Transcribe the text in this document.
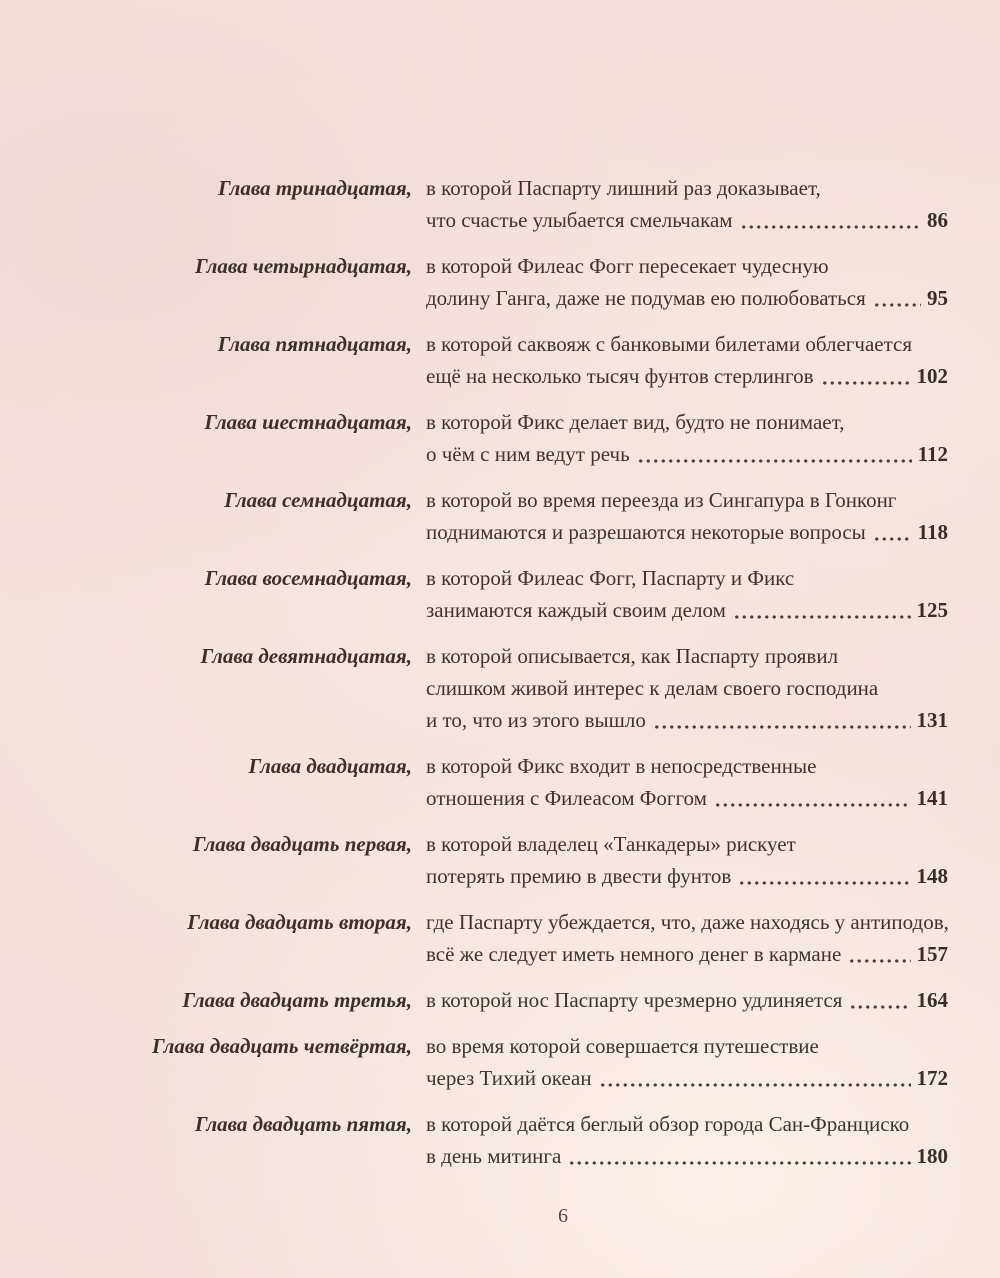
Глава тринадцатая, в которой Паспарту лишний раз доказывает,
что счастье улыбается смельчакам	86
Глава четырнадцатая, в которой Филеас Фогг пересекает чудесную
долину Ганга, даже не подумав ею полюбоваться	95
Глава пятнадцатая, в которой саквояж с банковыми билетами облегчается
ещё на несколько тысяч фунтов стерлингов	102
Глава шестнадцатая, в которой Фикс делает вид, будто не понимает,
о чём с ним ведут речь	112
Глава семнадцатая, в которой во время переезда из Сингапура в Гонконг
поднимаются и разрешаются некоторые вопросы 118
Глава восемнадцатая, в которой Филеас Фогг, Паспарту и Фикс
занимаются каждый своим делом	125
Глава девятнадцатая, в которой описывается, как Паспарту проявил
слишком живой интерес к делам своего господина
и то, что из этого вышло	131
Глава двадцатая, в которой Фикс входит в непосредственные
отношения с Филеасом Фоггом	141
Глава двадцать первая, в которой владелец «Танкадеры» рискует
потерять премию в двести фунтов	148
Глава двадцать вторая, где Паспарту убеждается, что, даже находясь у антиподов,
всё же следует иметь немного денег в кармане	157
Глава двадцать третья, в которой нос Паспарту чрезмерно удлиняется	164
Глава двадцать четвёртая, во время которой совершается путешествие
через Тихий океан	172
Глава двадцать пятая, в которой даётся беглый обзор города Сан-Франциско
в день митинга	180
6
